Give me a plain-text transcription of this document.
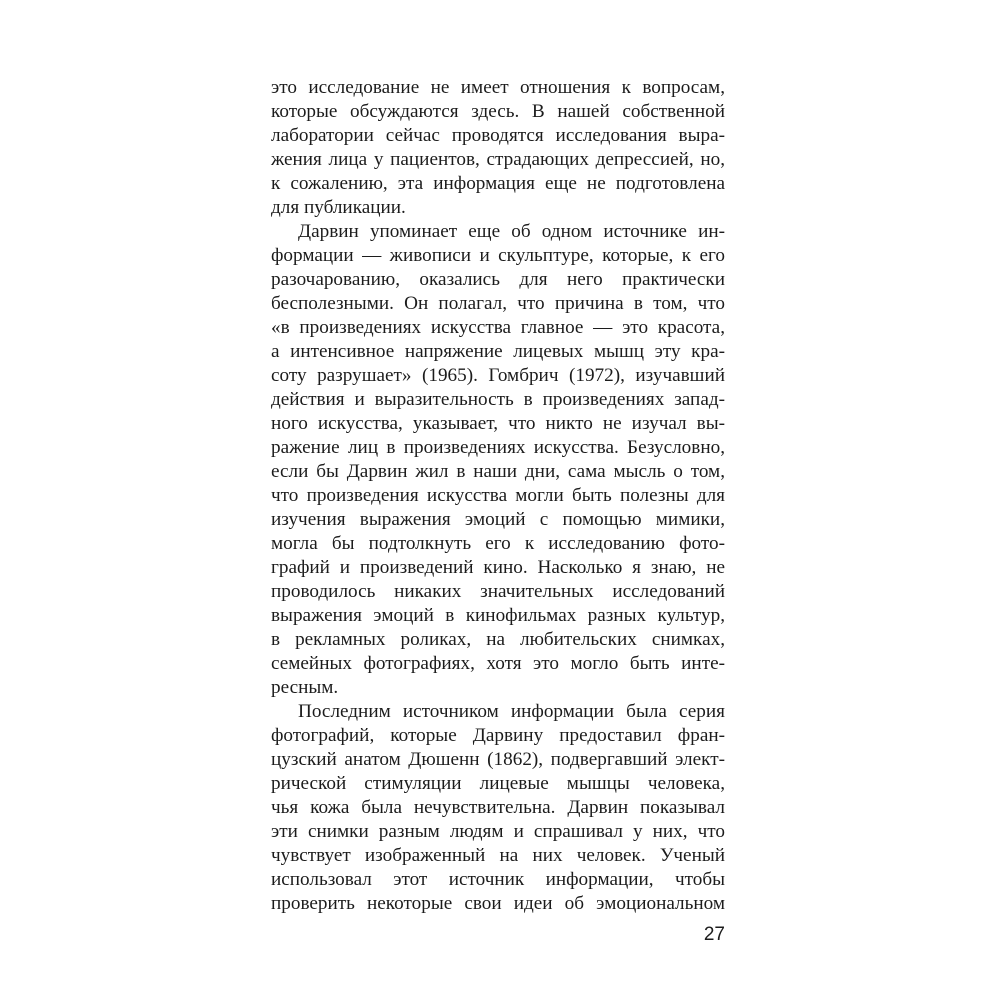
это исследование не имеет отношения к вопросам,
которые обсуждаются здесь. В нашей собственной
лаборатории сейчас проводятся исследования выра-
жения лица у пациентов, страдающих депрессией, но,
к сожалению, эта информация еще не подготовлена
для публикации.
Дарвин упоминает еще об одном источнике ин-
формации — живописи и скульптуре, которые, к его
разочарованию, оказались для него практически
бесполезными. Он полагал, что причина в том, что
«в произведениях искусства главное — это красота,
а интенсивное напряжение лицевых мышц эту кра-
соту разрушает» (1965). Гомбрич (1972), изучавший
действия и выразительность в произведениях запад-
ного искусства, указывает, что никто не изучал вы-
ражение лиц в произведениях искусства. Безусловно,
если бы Дарвин жил в наши дни, сама мысль о том,
что произведения искусства могли быть полезны для
изучения выражения эмоций с помощью мимики,
могла бы подтолкнуть его к исследованию фото-
графий и произведений кино. Насколько я знаю, не
проводилось никаких значительных исследований
выражения эмоций в кинофильмах разных культур,
в рекламных роликах, на любительских снимках,
семейных фотографиях, хотя это могло быть инте-
ресным.
Последним источником информации была серия
фотографий, которые Дарвину предоставил фран-
цузский анатом Дюшенн (1862), подвергавший элект-
рической стимуляции лицевые мышцы человека,
чья кожа была нечувствительна. Дарвин показывал
эти снимки разным людям и спрашивал у них, что
чувствует изображенный на них человек. Ученый
использовал этот источник информации, чтобы
проверить некоторые свои идеи об эмоциональном
27
